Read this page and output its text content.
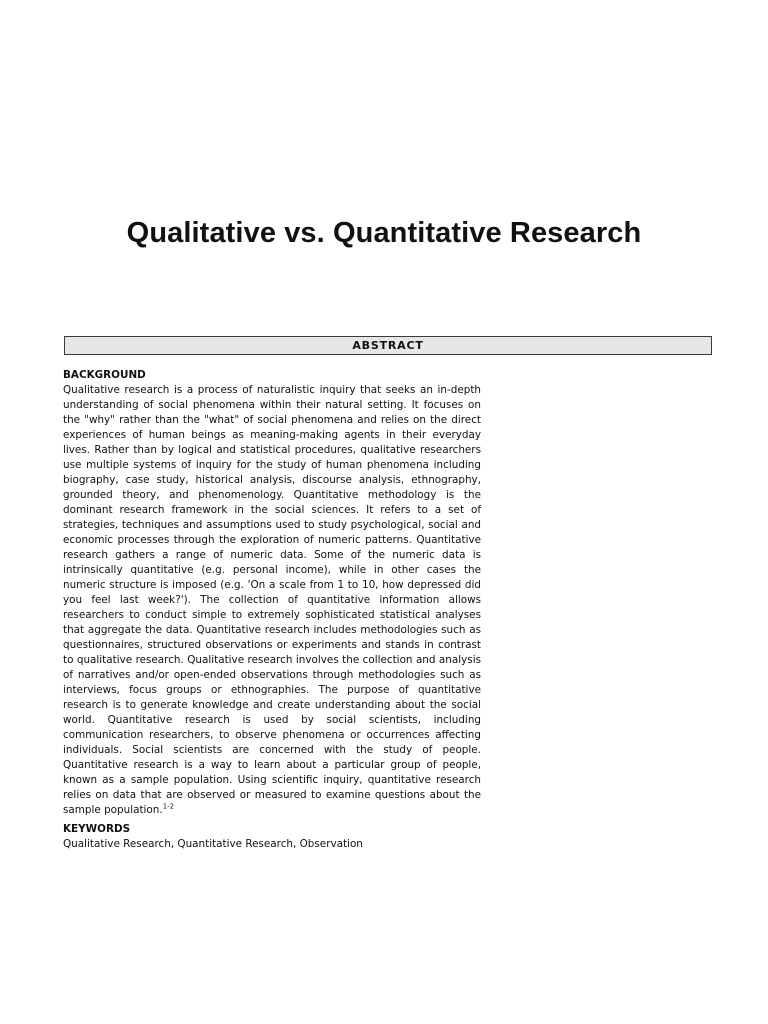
Qualitative vs. Quantitative Research
ABSTRACT

BACKGROUND

Qualitative research is a process of naturalistic inquiry that seeks an in-depth understanding of social phenomena within their natural setting. It focuses on the "why" rather than the "what" of social phenomena and relies on the direct experiences of human beings as meaning-making agents in their everyday lives. Rather than by logical and statistical procedures, qualitative researchers use multiple systems of inquiry for the study of human phenomena including biography, case study, historical analysis, discourse analysis, ethnography, grounded theory, and phenomenology. Quantitative methodology is the dominant research framework in the social sciences. It refers to a set of strategies, techniques and assumptions used to study psychological, social and economic processes through the exploration of numeric patterns. Quantitative research gathers a range of numeric data. Some of the numeric data is intrinsically quantitative (e.g. personal income), while in other cases the numeric structure is imposed (e.g. 'On a scale from 1 to 10, how depressed did you feel last week?'). The collection of quantitative information allows researchers to conduct simple to extremely sophisticated statistical analyses that aggregate the data. Quantitative research includes methodologies such as questionnaires, structured observations or experiments and stands in contrast to qualitative research. Qualitative research involves the collection and analysis of narratives and/or open-ended observations through methodologies such as interviews, focus groups or ethnographies. The purpose of quantitative research is to generate knowledge and create understanding about the social world. Quantitative research is used by social scientists, including communication researchers, to observe phenomena or occurrences affecting individuals. Social scientists are concerned with the study of people. Quantitative research is a way to learn about a particular group of people, known as a sample population. Using scientific inquiry, quantitative research relies on data that are observed or measured to examine questions about the sample population.$^{1-2}$

KEYWORDS

Qualitative Research, Quantitative Research, Observation
